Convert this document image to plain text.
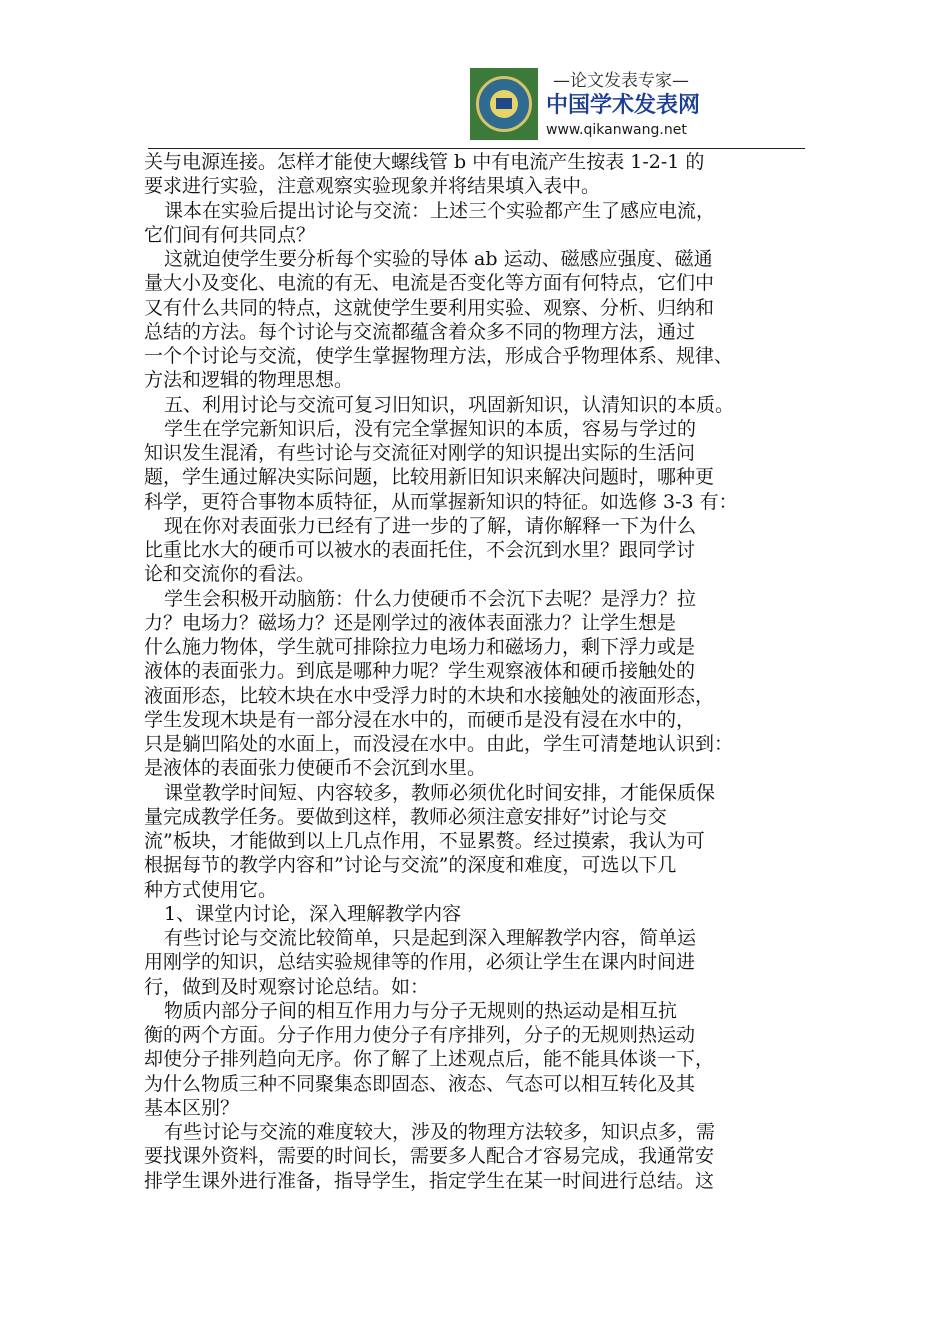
—论文发表专家—
中国学术发表网
www.qikanwang.net

关与电源连接。怎样才能使大螺线管 b 中有电流产生按表 1-2-1 的

要求进行实验，注意观察实验现象并将结果填入表中。

课本在实验后提出讨论与交流：上述三个实验都产生了感应电流，

它们间有何共同点？

这就迫使学生要分析每个实验的导体 ab 运动、磁感应强度、磁通

量大小及变化、电流的有无、电流是否变化等方面有何特点，它们中

又有什么共同的特点，这就使学生要利用实验、观察、分析、归纳和

总结的方法。每个讨论与交流都蕴含着众多不同的物理方法，通过

一个个讨论与交流，使学生掌握物理方法，形成合乎物理体系、规律、

方法和逻辑的物理思想。

五、利用讨论与交流可复习旧知识，巩固新知识，认清知识的本质。

学生在学完新知识后，没有完全掌握知识的本质，容易与学过的

知识发生混淆，有些讨论与交流征对刚学的知识提出实际的生活问

题，学生通过解决实际问题，比较用新旧知识来解决问题时，哪种更

科学，更符合事物本质特征，从而掌握新知识的特征。如选修 3-3 有：

现在你对表面张力已经有了进一步的了解，请你解释一下为什么

比重比水大的硬币可以被水的表面托住，不会沉到水里？跟同学讨

论和交流你的看法。

学生会积极开动脑筋：什么力使硬币不会沉下去呢？是浮力？拉

力？电场力？磁场力？还是刚学过的液体表面涨力？让学生想是

什么施力物体，学生就可排除拉力电场力和磁场力，剩下浮力或是

液体的表面张力。到底是哪种力呢？学生观察液体和硬币接触处的

液面形态，比较木块在水中受浮力时的木块和水接触处的液面形态，

学生发现木块是有一部分浸在水中的，而硬币是没有浸在水中的，

只是躺凹陷处的水面上，而没浸在水中。由此，学生可清楚地认识到：

是液体的表面张力使硬币不会沉到水里。

课堂教学时间短、内容较多，教师必须优化时间安排，才能保质保

量完成教学任务。要做到这样，教师必须注意安排好”讨论与交

流”板块，才能做到以上几点作用，不显累赘。经过摸索，我认为可

根据每节的教学内容和”讨论与交流”的深度和难度，可选以下几

种方式使用它。

1、课堂内讨论，深入理解教学内容

有些讨论与交流比较简单，只是起到深入理解教学内容，简单运

用刚学的知识，总结实验规律等的作用，必须让学生在课内时间进

行，做到及时观察讨论总结。如：

物质内部分子间的相互作用力与分子无规则的热运动是相互抗

衡的两个方面。分子作用力使分子有序排列，分子的无规则热运动

却使分子排列趋向无序。你了解了上述观点后，能不能具体谈一下，

为什么物质三种不同聚集态即固态、液态、气态可以相互转化及其

基本区别？

有些讨论与交流的难度较大，涉及的物理方法较多，知识点多，需

要找课外资料，需要的时间长，需要多人配合才容易完成，我通常安

排学生课外进行准备，指导学生，指定学生在某一时间进行总结。这
